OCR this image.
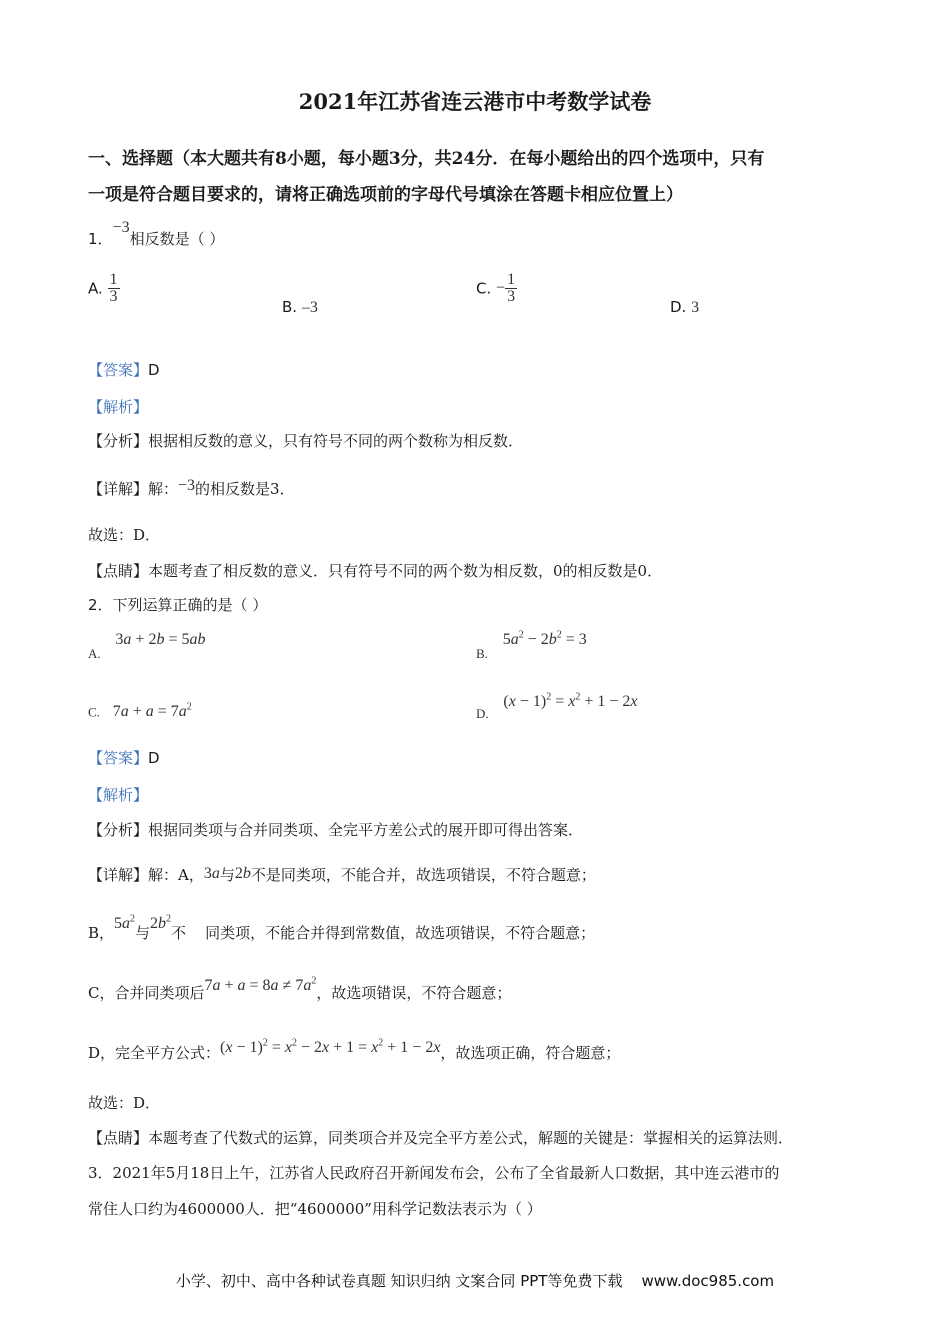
2021年江苏省连云港市中考数学试卷
一、选择题（本大题共有8小题，每小题3分，共24分．在每小题给出的四个选项中，只有
一项是符合题目要求的，请将正确选项前的字母代号填涂在答题卡相应位置上）
1．−3相反数是（ ）
A. $\frac{1}{3}$
B. –3
C. − $\frac{1}{3}$
D. 3
【答案】D
【解析】
【分析】根据相反数的意义，只有符号不同的两个数称为相反数．
【详解】解：−3的相反数是3．
故选：D．
【点睛】本题考查了相反数的意义．只有符号不同的两个数为相反数，0的相反数是0．
2．下列运算正确的是（ ）
A. 3a + 2b = 5ab
B. $5a^2 - 2b^2 = 3$
C. $7a + a = 7a^2$	D. $(x - 1)^2 = x^2 + 1 - 2x$
【答案】D
【解析】
【分析】根据同类项与合并同类项、全完平方差公式的展开即可得出答案．
【详解】解：A，3a与2b不是同类项，不能合并，故选项错误，不符合题意；
B，$5a^2$与$2b^2$不    同类项，不能合并得到常数值，故选项错误，不符合题意；
C，合并同类项后$7a + a = 8a \ne 7a^2$，故选项错误，不符合题意；
D，完全平方公式：$(x - 1)^2 = x^2 - 2x + 1 = x^2 + 1 - 2x$，故选项正确，符合题意；
故选：D．
【点睛】本题考查了代数式的运算，同类项合并及完全平方差公式，解题的关键是：掌握相关的运算法则．
3．2021年5月18日上午，江苏省人民政府召开新闻发布会，公布了全省最新人口数据，其中连云港市的
常住人口约为4600000人．把“4600000”用科学记数法表示为（ ）
小学、初中、高中各种试卷真题 知识归纳 文案合同 PPT等免费下载    www.doc985.com
